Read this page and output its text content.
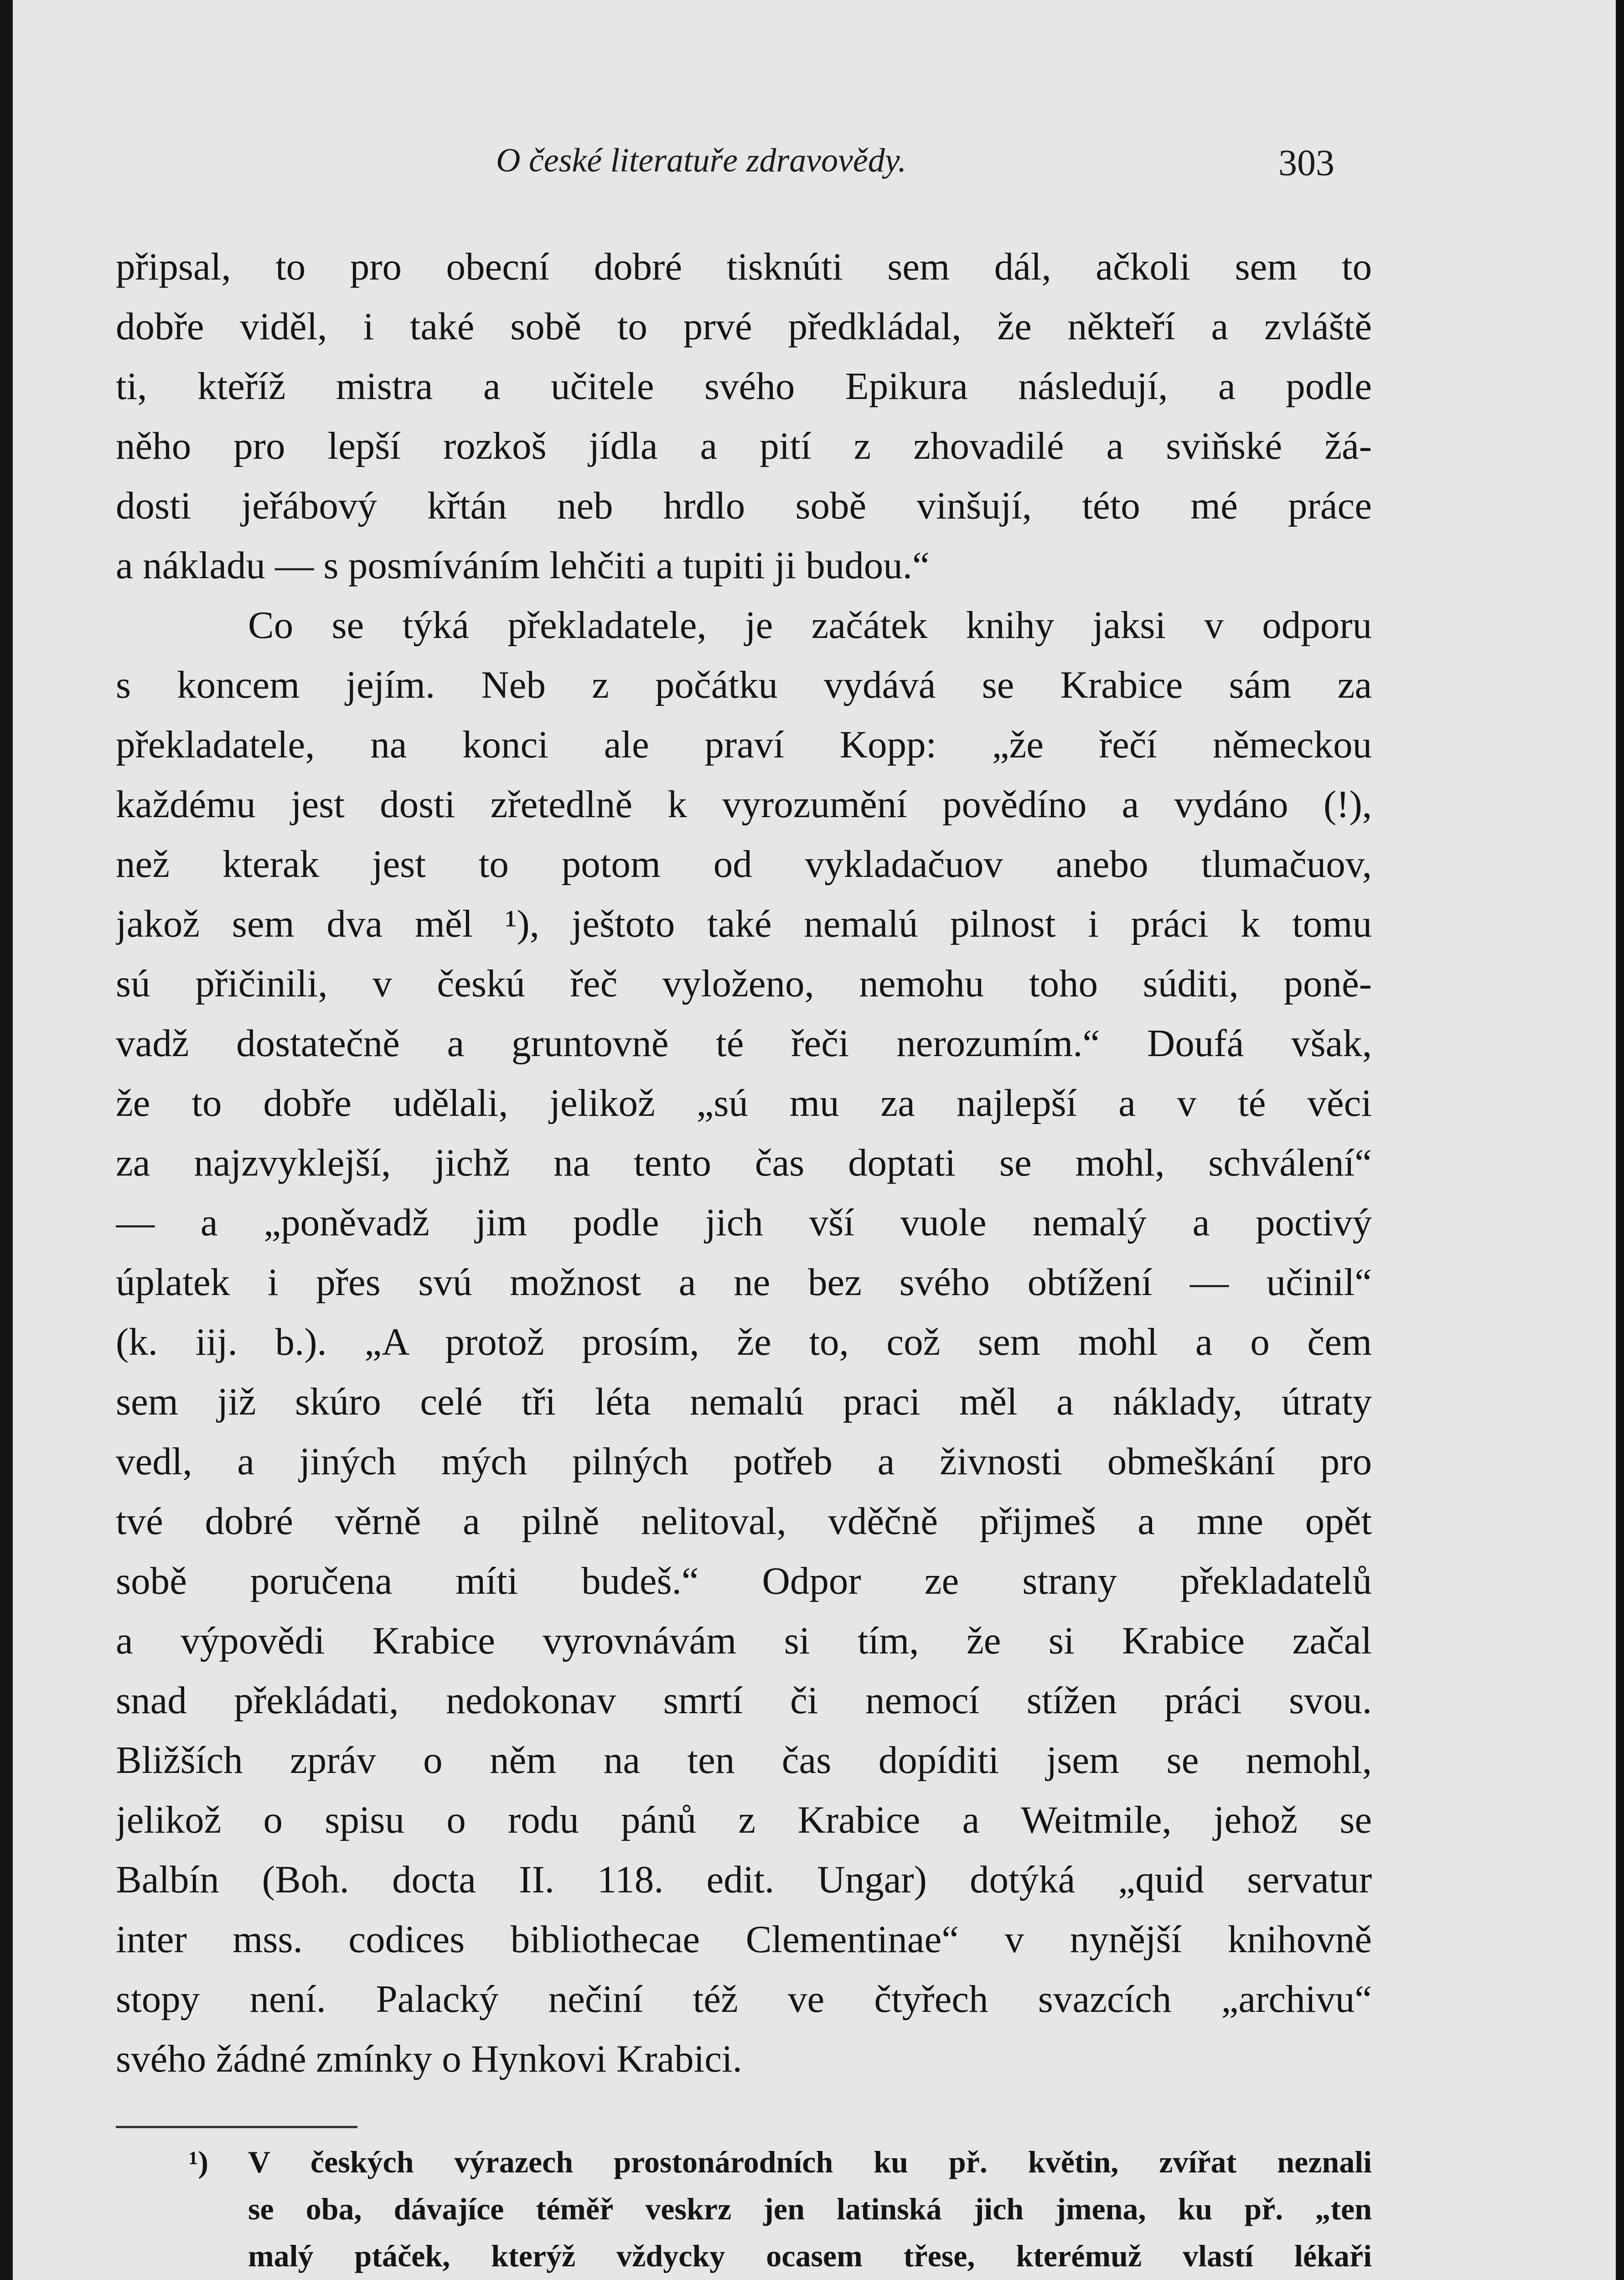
O české literatuře zdravovědy.	303
připsal, to pro obecní dobré tisknúti sem dál, ačkoli sem to
dobře viděl, i také sobě to prvé předkládal, že někteří a zvláště
ti, kteříž mistra a učitele svého Epikura následují, a podle
něho pro lepší rozkoš jídla a pití z zhovadilé a sviňské žá-
dosti jeřábový křtán neb hrdlo sobě vinšují, této mé práce
a nákladu — s posmíváním lehčiti a tupiti ji budou.“
Co se týká překladatele, je začátek knihy jaksi v odporu
s koncem jejím. Neb z počátku vydává se Krabice sám za
překladatele, na konci ale praví Kopp: „že řečí německou
každému jest dosti zřetedlně k vyrozumění povědíno a vydáno (!),
než kterak jest to potom od vykladačuov anebo tlumačuov,
jakož sem dva měl ¹), ještoto také nemalú pilnost i práci k tomu
sú přičinili, v českú řeč vyloženo, nemohu toho súditi, poně-
vadž dostatečně a gruntovně té řeči nerozumím.“ Doufá však,
že to dobře udělali, jelikož „sú mu za najlepší a v té věci
za najzvyklejší, jichž na tento čas doptati se mohl, schválení“
— a „poněvadž jim podle jich vší vuole nemalý a poctivý
úplatek i přes svú možnost a ne bez svého obtížení — učinil“
(k. iij. b.). „A protož prosím, že to, což sem mohl a o čem
sem již skúro celé tři léta nemalú praci měl a náklady, útraty
vedl, a jiných mých pilných potřeb a živnosti obmeškání pro
tvé dobré věrně a pilně nelitoval, vděčně přijmeš a mne opět
sobě poručena míti budeš.“ Odpor ze strany překladatelů
a výpovědi Krabice vyrovnávám si tím, že si Krabice začal
snad překládati, nedokonav smrtí či nemocí stížen práci svou.
Bližších zpráv o něm na ten čas dopíditi jsem se nemohl,
jelikož o spisu o rodu pánů z Krabice a Weitmile, jehož se
Balbín (Boh. docta II. 118. edit. Ungar) dotýká „quid servatur
inter mss. codices bibliothecae Clementinae“ v nynější knihovně
stopy není. Palacký nečiní též ve čtyřech svazcích „archivu“
svého žádné zmínky o Hynkovi Krabici.
¹) V českých výrazech prostonárodních ku př. květin, zvířat neznali
se oba, dávajíce téměř veskrz jen latinská jich jmena, ku př. „ten
malý ptáček, kterýž vždycky ocasem třese, kterémuž vlastí lékaři
